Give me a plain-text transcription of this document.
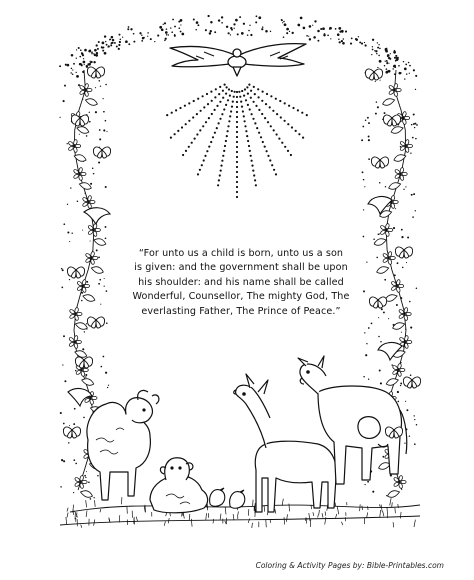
“For unto us a child is born, unto us a son
is given: and the government shall be upon
his shoulder: and his name shall be called
Wonderful, Counsellor, The mighty God, The
everlasting Father, The Prince of Peace.”
Coloring & Activity Pages by: Bible-Printables.com
